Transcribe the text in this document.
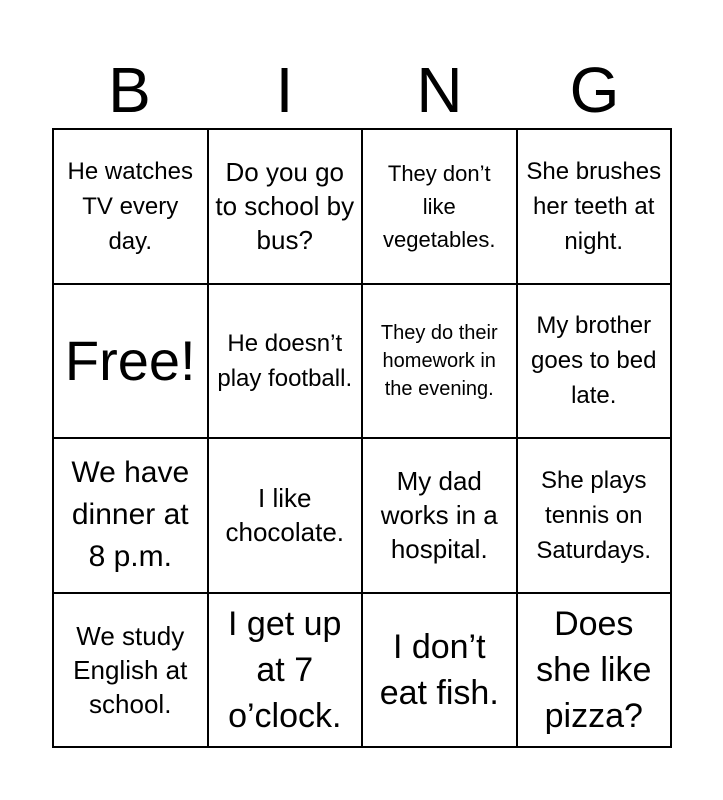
B	I	N	G
He watches TV every day.
Do you go to school by bus?
They don’t like vegetables.
She brushes her teeth at night.
Free!	He doesn’t play football.
They do their homework in the evening.
My brother goes to bed late.
We have dinner at 8 p.m.
I like chocolate.
My dad works in a hospital.
She plays tennis on Saturdays.
We study English at school.
I get up at 7 o’clock.
I don’t eat fish.
Does she like pizza?
